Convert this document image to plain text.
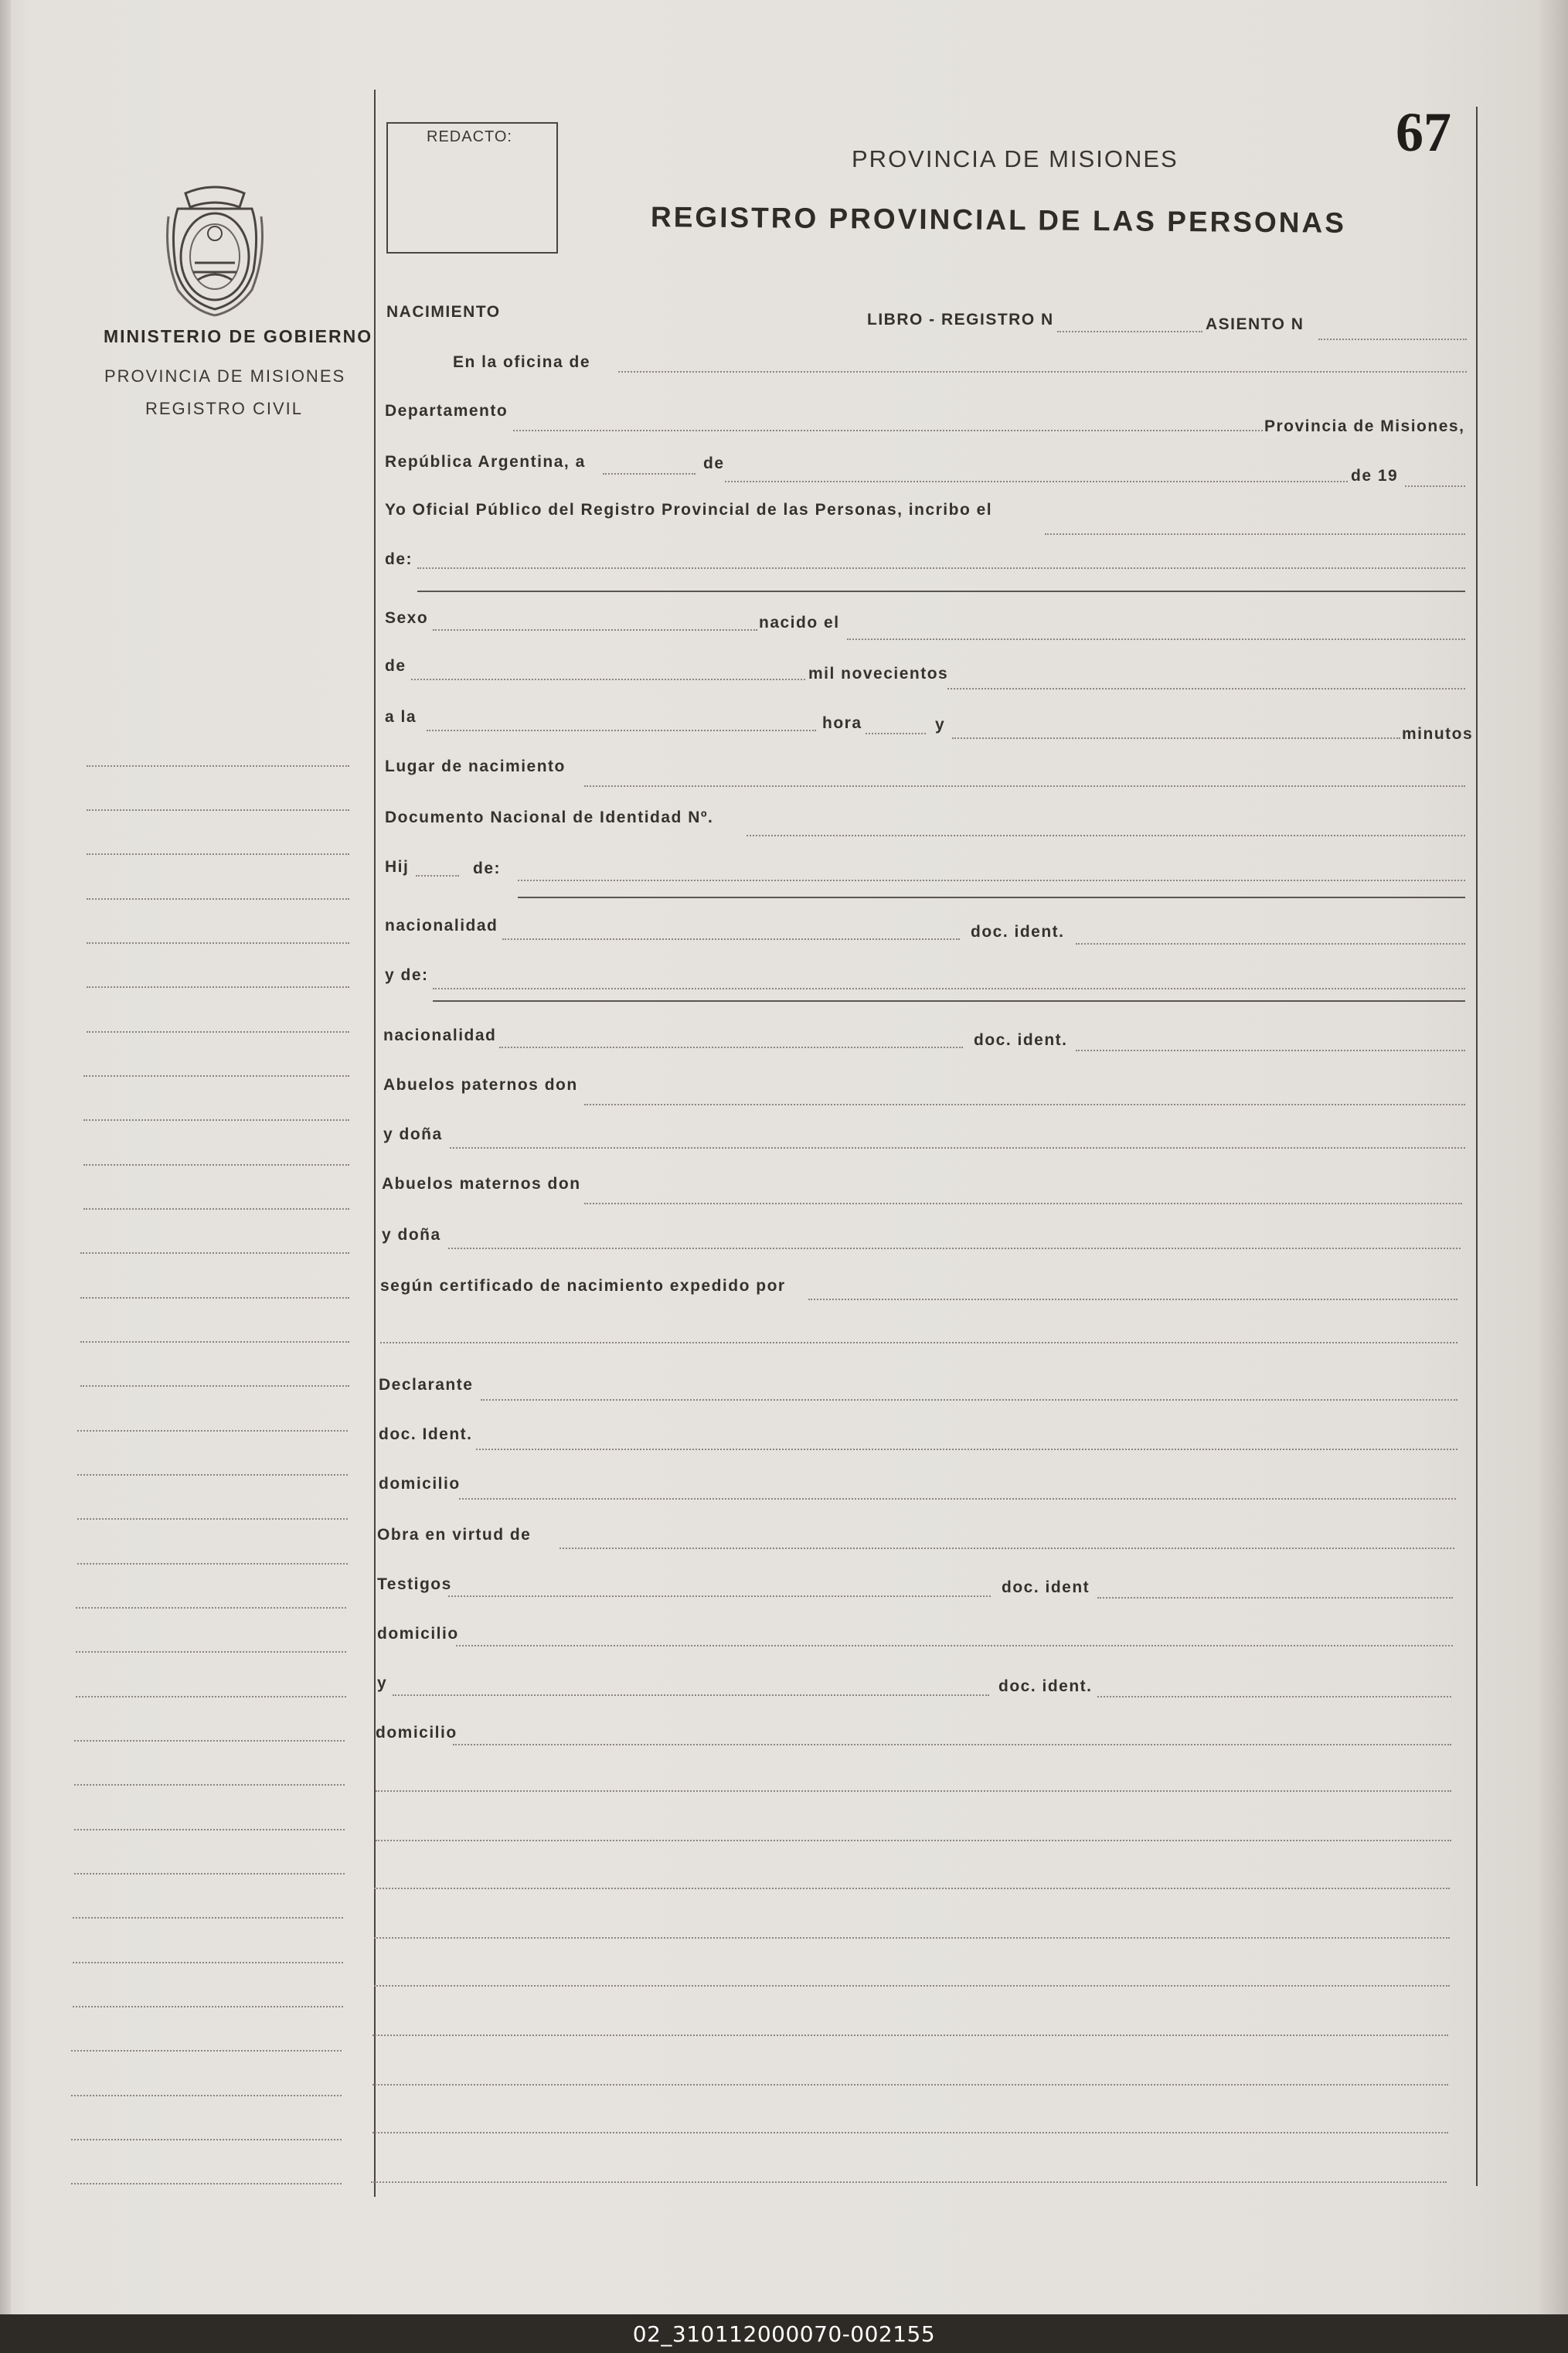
REDACTO:	67
PROVINCIA DE MISIONES
REGISTRO PROVINCIAL DE LAS PERSONAS
MINISTERIO DE GOBIERNO
PROVINCIA DE MISIONES
REGISTRO CIVIL
NACIMIENTO	LIBRO - REGISTRO N	ASIENTO N
En la oficina de
Departamento
Provincia de Misiones,
República Argentina, a	de
de 19
Yo Oficial Público del Registro Provincial de las Personas, incribo el
de:
Sexo	nacido el
de	mil novecientos
a la	hora	y
minutos
Lugar de nacimiento
Documento Nacional de Identidad Nº.
Hij	de:
nacionalidad	doc. ident.
y de:
nacionalidad	doc. ident.
Abuelos paternos don
y doña
Abuelos maternos don
y doña
según certificado de nacimiento expedido por
Declarante
doc. Ident.
domicilio
Obra en virtud de
Testigos	doc. ident
domicilio
y	doc. ident.
domicilio
02_310112000070-002155
